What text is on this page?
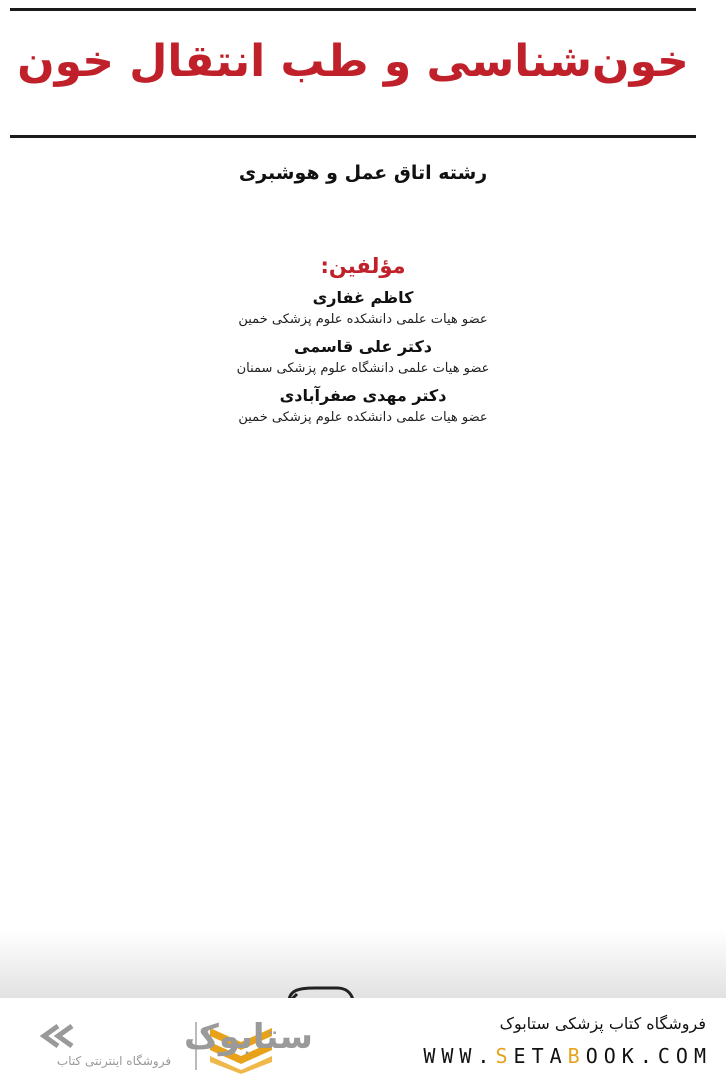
خون‌شناسی و طب انتقال خون
رشته اتاق عمل و هوشبری
مؤلفین:
کاظم غفاری
عضو هیات علمی دانشکده علوم پزشکی خمین
دکتر علی قاسمی
عضو هیات علمی دانشگاه علوم پزشکی سمنان
دکتر مهدی صفرآبادی
عضو هیات علمی دانشکده علوم پزشکی خمین
فروشگاه کتاب پزشکی ستابوک
WWW.SETABOOK.COM
ستابوک
فروشگاه اینترنتی کتاب
